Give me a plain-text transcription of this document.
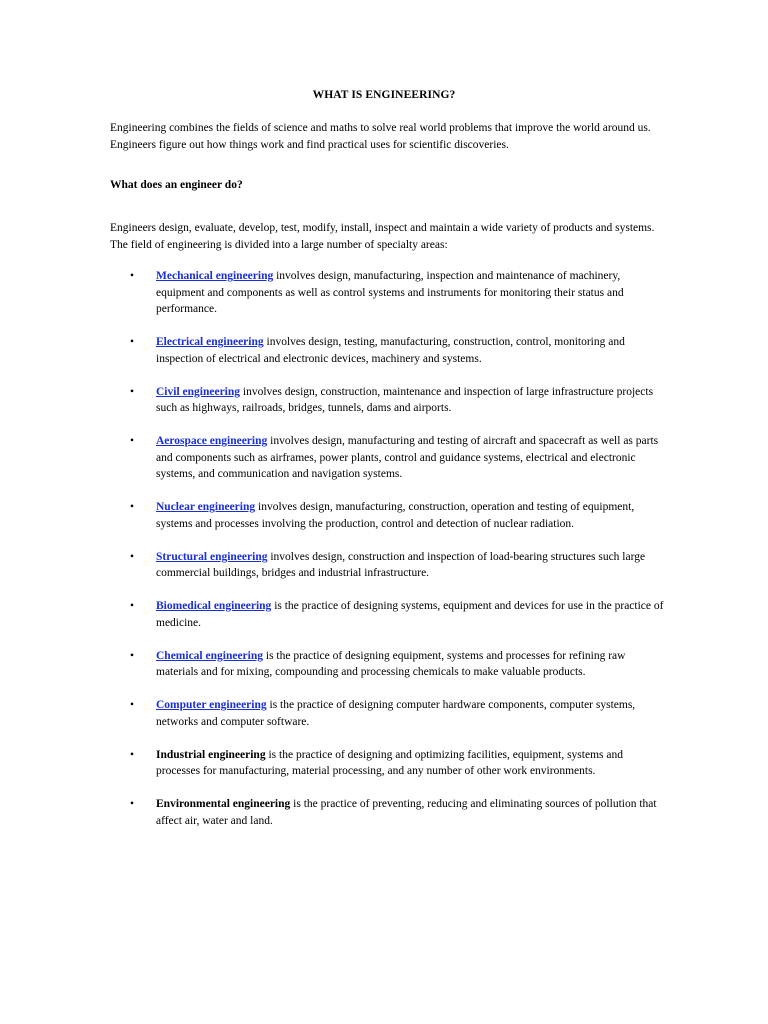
WHAT IS ENGINEERING?

Engineering combines the fields of science and maths to solve real world problems that improve the world around us. Engineers figure out how things work and find practical uses for scientific discoveries.

What does an engineer do?

Engineers design, evaluate, develop, test, modify, install, inspect and maintain a wide variety of products and systems. The field of engineering is divided into a large number of specialty areas:

• Mechanical engineering involves design, manufacturing, inspection and maintenance of machinery, equipment and components as well as control systems and instruments for monitoring their status and performance.
• Electrical engineering involves design, testing, manufacturing, construction, control, monitoring and inspection of electrical and electronic devices, machinery and systems.
• Civil engineering involves design, construction, maintenance and inspection of large infrastructure projects such as highways, railroads, bridges, tunnels, dams and airports.
• Aerospace engineering involves design, manufacturing and testing of aircraft and spacecraft as well as parts and components such as airframes, power plants, control and guidance systems, electrical and electronic systems, and communication and navigation systems.
• Nuclear engineering involves design, manufacturing, construction, operation and testing of equipment, systems and processes involving the production, control and detection of nuclear radiation.
• Structural engineering involves design, construction and inspection of load-bearing structures such large commercial buildings, bridges and industrial infrastructure.
• Biomedical engineering is the practice of designing systems, equipment and devices for use in the practice of medicine.
• Chemical engineering is the practice of designing equipment, systems and processes for refining raw materials and for mixing, compounding and processing chemicals to make valuable products.
• Computer engineering is the practice of designing computer hardware components, computer systems, networks and computer software.
• Industrial engineering is the practice of designing and optimizing facilities, equipment, systems and processes for manufacturing, material processing, and any number of other work environments.
• Environmental engineering is the practice of preventing, reducing and eliminating sources of pollution that affect air, water and land.
